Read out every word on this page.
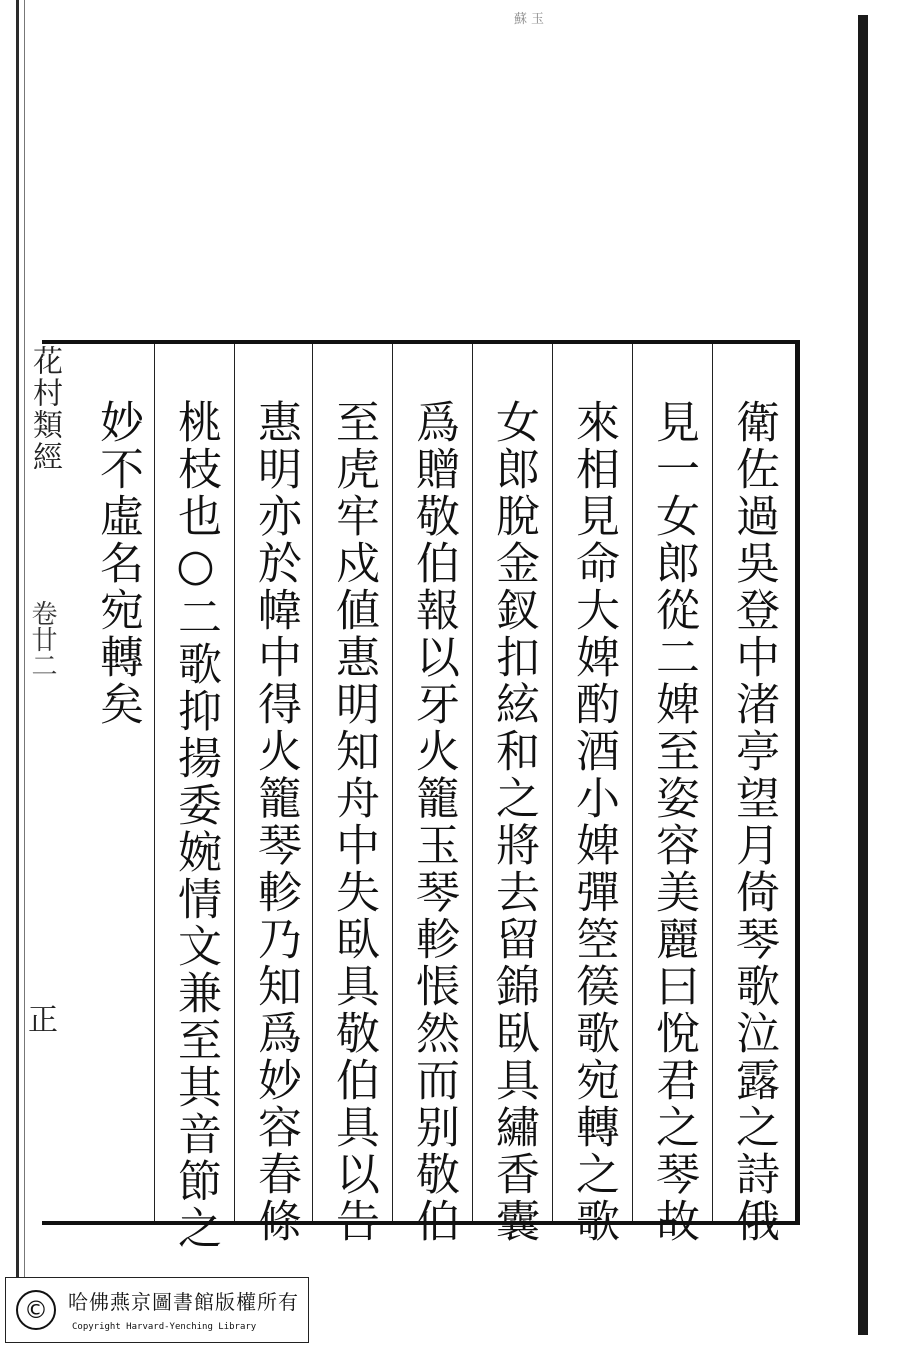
蘇玉
花村類經
卷廿二
正	衛佐過吳登中渚亭望月倚琴歌泣露之詩俄
見一女郎從二婢至姿容美麗曰悅君之琴故
來相見命大婢酌酒小婢彈箜篌歌宛轉之歌
女郎脫金釵扣絃和之將去留錦臥具繡香囊
爲贈敬伯報以牙火籠玉琴軫悵然而别敬伯
至虎牢戍値惠明知舟中失臥具敬伯具以告
惠明亦於幃中得火籠琴軫乃知爲妙容春條
桃枝也○二歌抑揚委婉情文兼至其音節之
妙不虛名宛轉矣
©	哈佛燕京圖書館版權所有
Copyright Harvard-Yenching Library
